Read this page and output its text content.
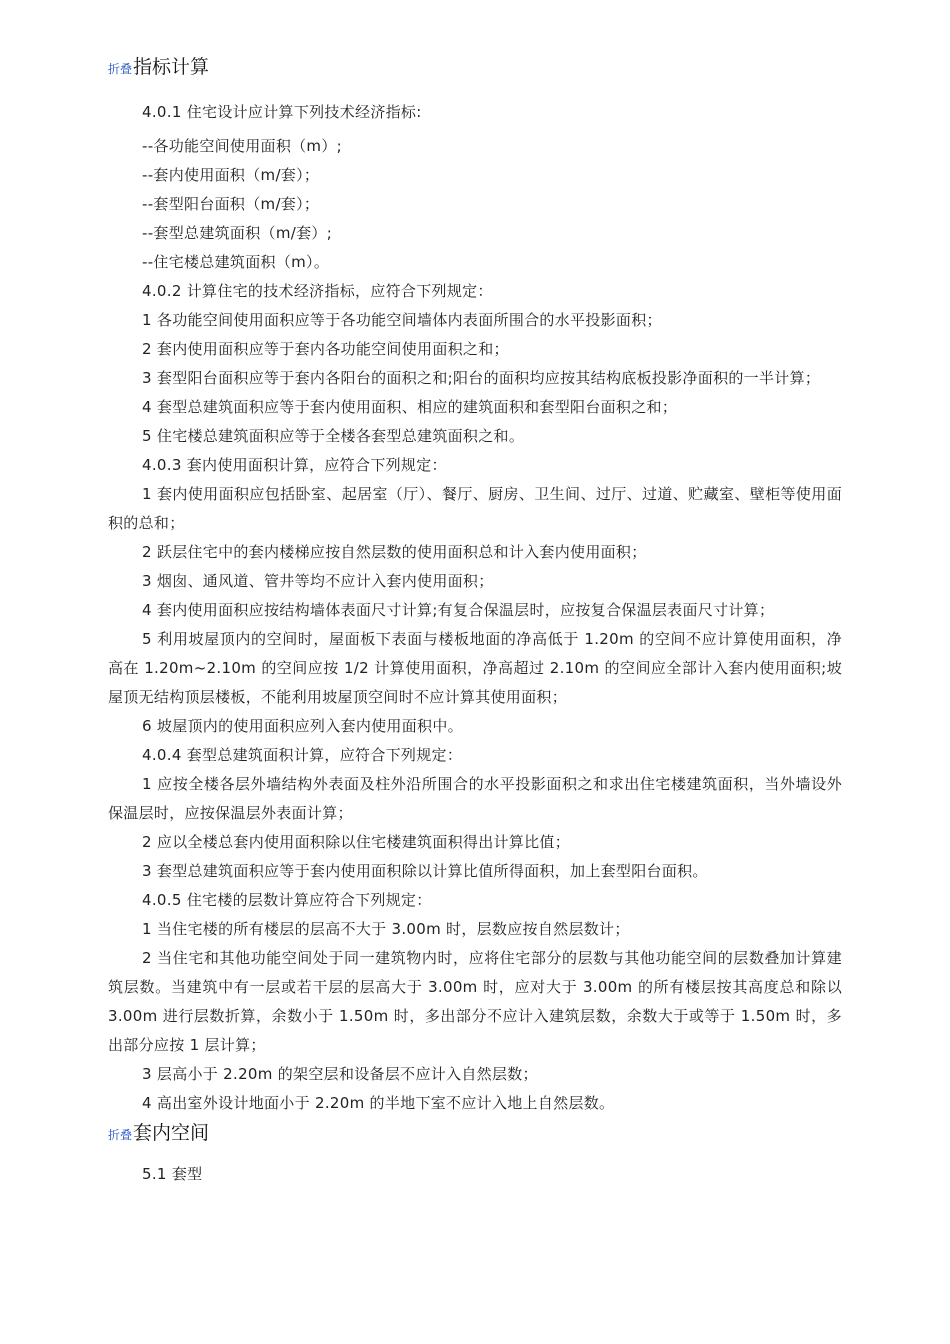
折叠 指标计算

4.0.1 住宅设计应计算下列技术经济指标:

--各功能空间使用面积（m）;

--套内使用面积（m/套）；

--套型阳台面积（m/套）；

--套型总建筑面积（m/套）;

--住宅楼总建筑面积（m）。

4.0.2 计算住宅的技术经济指标，应符合下列规定：

1 各功能空间使用面积应等于各功能空间墙体内表面所围合的水平投影面积；

2 套内使用面积应等于套内各功能空间使用面积之和；

3 套型阳台面积应等于套内各阳台的面积之和;阳台的面积均应按其结构底板投影净面积的一半计算；

4 套型总建筑面积应等于套内使用面积、相应的建筑面积和套型阳台面积之和；

5 住宅楼总建筑面积应等于全楼各套型总建筑面积之和。

4.0.3 套内使用面积计算，应符合下列规定：

1 套内使用面积应包括卧室、起居室（厅）、餐厅、厨房、卫生间、过厅、过道、贮藏室、壁柜等使用面积的总和；

2 跃层住宅中的套内楼梯应按自然层数的使用面积总和计入套内使用面积；

3 烟囱、通风道、管井等均不应计入套内使用面积；

4 套内使用面积应按结构墙体表面尺寸计算;有复合保温层时，应按复合保温层表面尺寸计算；

5 利用坡屋顶内的空间时，屋面板下表面与楼板地面的净高低于 1.20m 的空间不应计算使用面积，净高在 1.20m~2.10m 的空间应按 1/2 计算使用面积，净高超过 2.10m 的空间应全部计入套内使用面积;坡屋顶无结构顶层楼板，不能利用坡屋顶空间时不应计算其使用面积；

6 坡屋顶内的使用面积应列入套内使用面积中。

4.0.4 套型总建筑面积计算，应符合下列规定：

1 应按全楼各层外墙结构外表面及柱外沿所围合的水平投影面积之和求出住宅楼建筑面积，当外墙设外保温层时，应按保温层外表面计算；

2 应以全楼总套内使用面积除以住宅楼建筑面积得出计算比值；

3 套型总建筑面积应等于套内使用面积除以计算比值所得面积，加上套型阳台面积。

4.0.5 住宅楼的层数计算应符合下列规定：

1 当住宅楼的所有楼层的层高不大于 3.00m 时，层数应按自然层数计；

2 当住宅和其他功能空间处于同一建筑物内时，应将住宅部分的层数与其他功能空间的层数叠加计算建筑层数。当建筑中有一层或若干层的层高大于 3.00m 时，应对大于 3.00m 的所有楼层按其高度总和除以 3.00m 进行层数折算，余数小于 1.50m 时，多出部分不应计入建筑层数，余数大于或等于 1.50m 时，多出部分应按 1 层计算；

3 层高小于 2.20m 的架空层和设备层不应计入自然层数；

4 高出室外设计地面小于 2.20m 的半地下室不应计入地上自然层数。

折叠 套内空间

5.1 套型
